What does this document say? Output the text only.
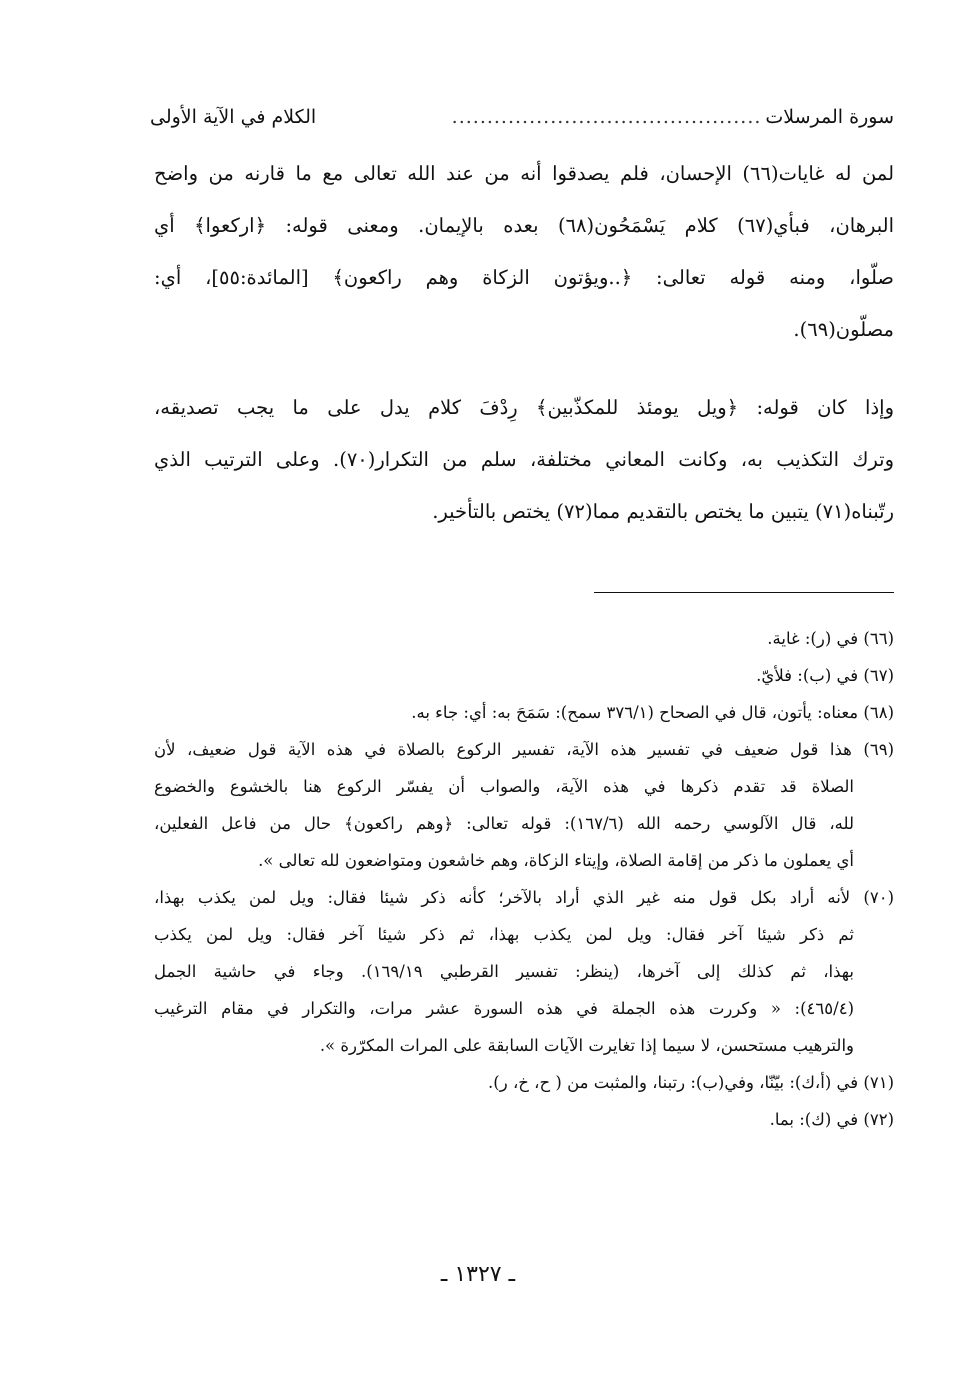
سورة المرسلات
............................................
الكلام في الآية الأولى
لمن له غايات(٦٦) الإحسان، فلم يصدقوا أنه من عند الله تعالى مع ما قارنه من واضح
البرهان، فبأي(٦٧) كلام يَسْمَحُون(٦٨) بعده بالإيمان. ومعنى قوله: ﴿اركعوا﴾ أي
صلّوا، ومنه قوله تعالى: ﴿..ويؤتون الزكاة وهم راكعون﴾ [المائدة:٥٥]، أي:
مصلّون(٦٩).
وإذا كان قوله: ﴿ويل يومئذ للمكذّبين﴾ رِدْفَ كلام يدل على ما يجب تصديقه،
وترك التكذيب به، وكانت المعاني مختلفة، سلم من التكرار(٧٠). وعلى الترتيب الذي
رتّبناه(٧١) يتبين ما يختص بالتقديم مما(٧٢) يختص بالتأخير.
(٦٦) في (ر): غاية.
(٦٧) في (ب): فلأيّ.
(٦٨) معناه: يأتون، قال في الصحاح (٣٧٦/١ سمح): سَمَحَ به: أي: جاء به.
(٦٩) هذا قول ضعيف في تفسير هذه الآية، تفسير الركوع بالصلاة في هذه الآية قول ضعيف، لأن
الصلاة قد تقدم ذكرها في هذه الآية، والصواب أن يفسّر الركوع هنا بالخشوع والخضوع
لله، قال الآلوسي رحمه الله (١٦٧/٦): قوله تعالى: ﴿وهم راكعون﴾ حال من فاعل الفعلين،
أي يعملون ما ذكر من إقامة الصلاة، وإيتاء الزكاة، وهم خاشعون ومتواضعون لله تعالى ».
(٧٠) لأنه أراد بكل قول منه غير الذي أراد بالآخر؛ كأنه ذكر شيئا فقال: ويل لمن يكذب بهذا،
ثم ذكر شيئا آخر فقال: ويل لمن يكذب بهذا، ثم ذكر شيئا آخر فقال: ويل لمن يكذب
بهذا، ثم كذلك إلى آخرها، (ينظر: تفسير القرطبي ١٦٩/١٩). وجاء في حاشية الجمل
(٤٦٥/٤): « وكررت هذه الجملة في هذه السورة عشر مرات، والتكرار في مقام الترغيب
والترهيب مستحسن، لا سيما إذا تغايرت الآيات السابقة على المرات المكرّرة ».
(٧١) في (أ،ك): بيّنّا، وفي(ب): رتبنا، والمثبت من ( ح، خ، ر).
(٧٢) في (ك): بما.
ـ ١٣٢٧ ـ
